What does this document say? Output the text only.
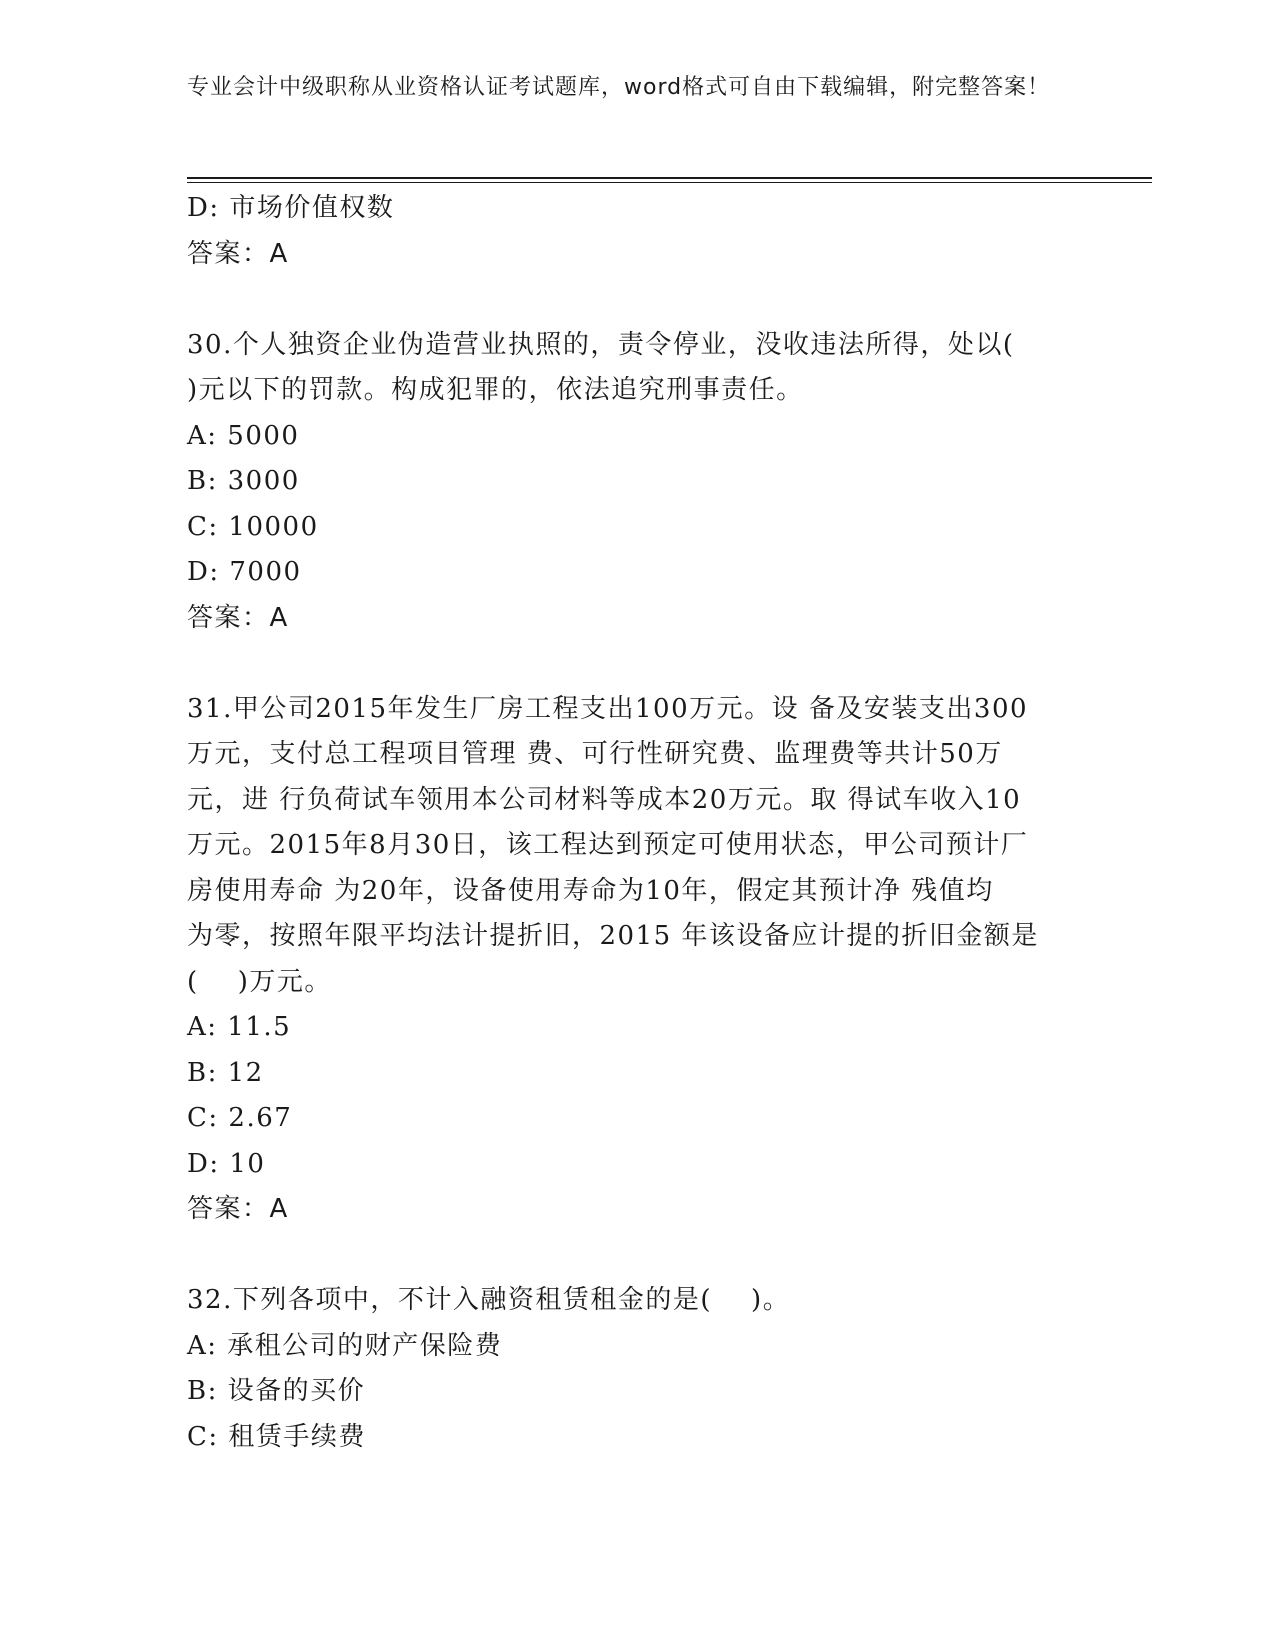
专业会计中级职称从业资格认证考试题库，word格式可自由下载编辑，附完整答案！

D: 市场价值权数

答案：A

30.个人独资企业伪造营业执照的，责令停业，没收违法所得，处以(

)元以下的罚款。构成犯罪的，依法追究刑事责任。

A: 5000

B: 3000

C: 10000

D: 7000

答案：A

31.甲公司2015年发生厂房工程支出100万元。设 备及安装支出300

万元，支付总工程项目管理 费、可行性研究费、监理费等共计50万

元，进 行负荷试车领用本公司材料等成本20万元。取 得试车收入10

万元。2015年8月30日，该工程达到预定可使用状态，甲公司预计厂

房使用寿命 为20年，设备使用寿命为10年，假定其预计净 残值均

为零，按照年限平均法计提折旧，2015 年该设备应计提的折旧金额是

(    )万元。

A: 11.5

B: 12

C: 2.67

D: 10

答案：A

32.下列各项中，不计入融资租赁租金的是(    )。

A: 承租公司的财产保险费

B: 设备的买价

C: 租赁手续费
